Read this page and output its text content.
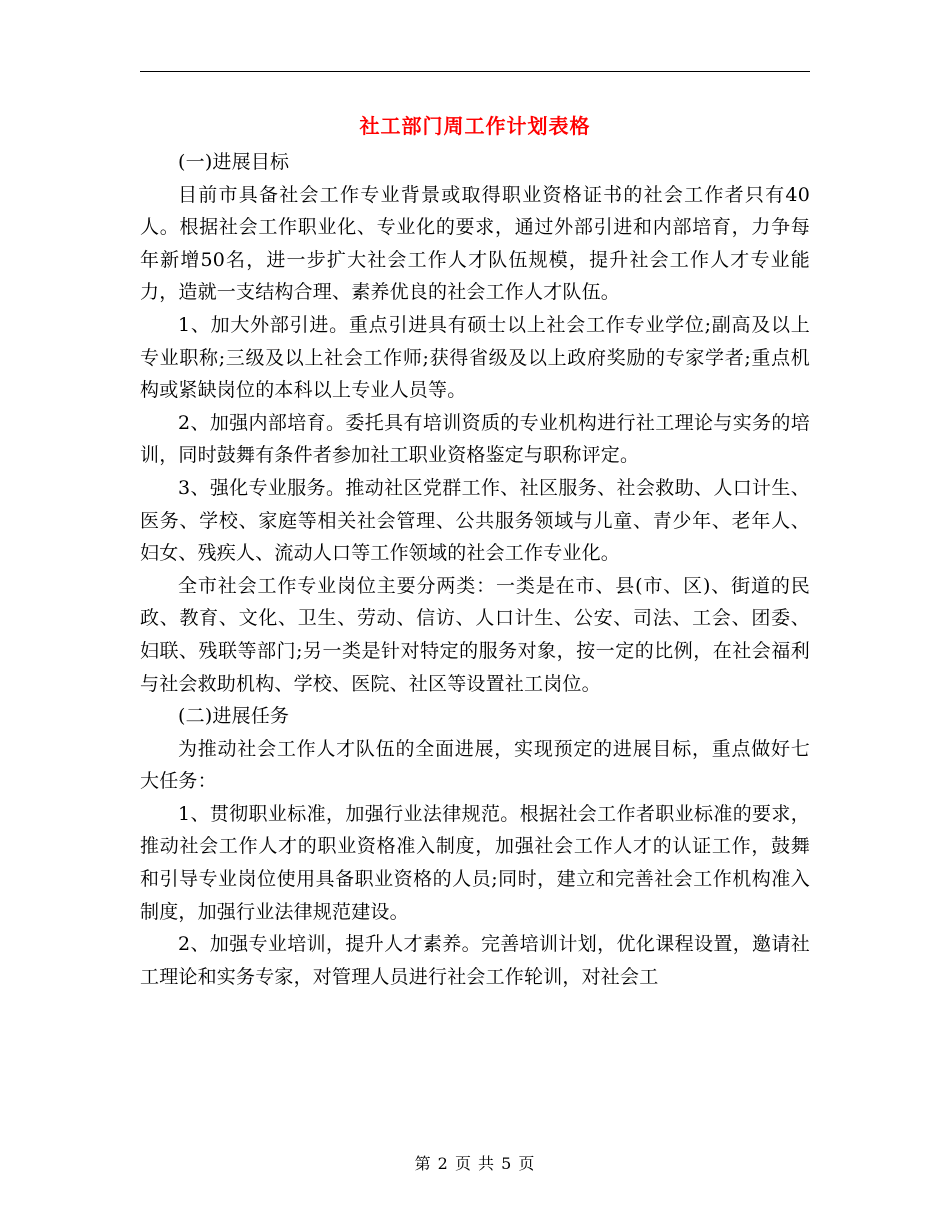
社工部门周工作计划表格

(一)进展目标

目前市具备社会工作专业背景或取得职业资格证书的社会工作者只有40人。根据社会工作职业化、专业化的要求，通过外部引进和内部培育，力争每年新增50名，进一步扩大社会工作人才队伍规模，提升社会工作人才专业能力，造就一支结构合理、素养优良的社会工作人才队伍。

1、加大外部引进。重点引进具有硕士以上社会工作专业学位;副高及以上专业职称;三级及以上社会工作师;获得省级及以上政府奖励的专家学者;重点机构或紧缺岗位的本科以上专业人员等。

2、加强内部培育。委托具有培训资质的专业机构进行社工理论与实务的培训，同时鼓舞有条件者参加社工职业资格鉴定与职称评定。

3、强化专业服务。推动社区党群工作、社区服务、社会救助、人口计生、医务、学校、家庭等相关社会管理、公共服务领域与儿童、青少年、老年人、妇女、残疾人、流动人口等工作领域的社会工作专业化。

全市社会工作专业岗位主要分两类：一类是在市、县(市、区)、街道的民政、教育、文化、卫生、劳动、信访、人口计生、公安、司法、工会、团委、妇联、残联等部门;另一类是针对特定的服务对象，按一定的比例，在社会福利与社会救助机构、学校、医院、社区等设置社工岗位。

(二)进展任务

为推动社会工作人才队伍的全面进展，实现预定的进展目标，重点做好七大任务：

1、贯彻职业标准，加强行业法律规范。根据社会工作者职业标准的要求，推动社会工作人才的职业资格准入制度，加强社会工作人才的认证工作，鼓舞和引导专业岗位使用具备职业资格的人员;同时，建立和完善社会工作机构准入制度，加强行业法律规范建设。

2、加强专业培训，提升人才素养。完善培训计划，优化课程设置，邀请社工理论和实务专家，对管理人员进行社会工作轮训，对社会工

第 2 页 共 5 页
